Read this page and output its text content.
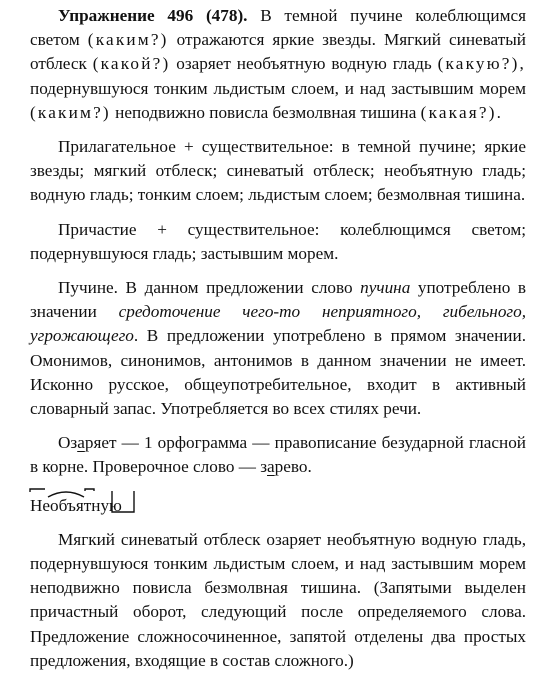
Упражнение 496 (478). В темной пучине колеблющимся светом (каким?) отражаются яркие звезды. Мягкий синеватый отблеск (какой?) озаряет необъятную водную гладь (какую?), подернувшуюся тонким льдистым слоем, и над застывшим морем (каким?) неподвижно повисла безмолвная тишина (какая?).

Прилагательное + существительное: в темной пучине; яркие звезды; мягкий отблеск; синеватый отблеск; необъятную гладь; водную гладь; тонким слоем; льдистым слоем; безмолвная тишина.

Причастие + существительное: колеблющимся светом; подернувшуюся гладь; застывшим морем.

Пучине. В данном предложении слово пучина употреблено в значении средоточение чего-то неприятного, гибельного, угрожающего. В предложении употреблено в прямом значении. Омонимов, синонимов, антонимов в данном значении не имеет. Исконно русское, общеупотребительное, входит в активный словарный запас. Употребляется во всех стилях речи.

Озаряет — 1 орфограмма — правописание безударной гласной в корне. Проверочное слово — зарево.

Необъятную

Мягкий синеватый отблеск озаряет необъятную водную гладь, подернувшуюся тонким льдистым слоем, и над застывшим морем неподвижно повисла безмолвная тишина. (Запятыми выделен причастный оборот, следующий после определяемого слова. Предложение сложносочиненное, запятой отделены два простых предложения, входящие в состав сложного.)
